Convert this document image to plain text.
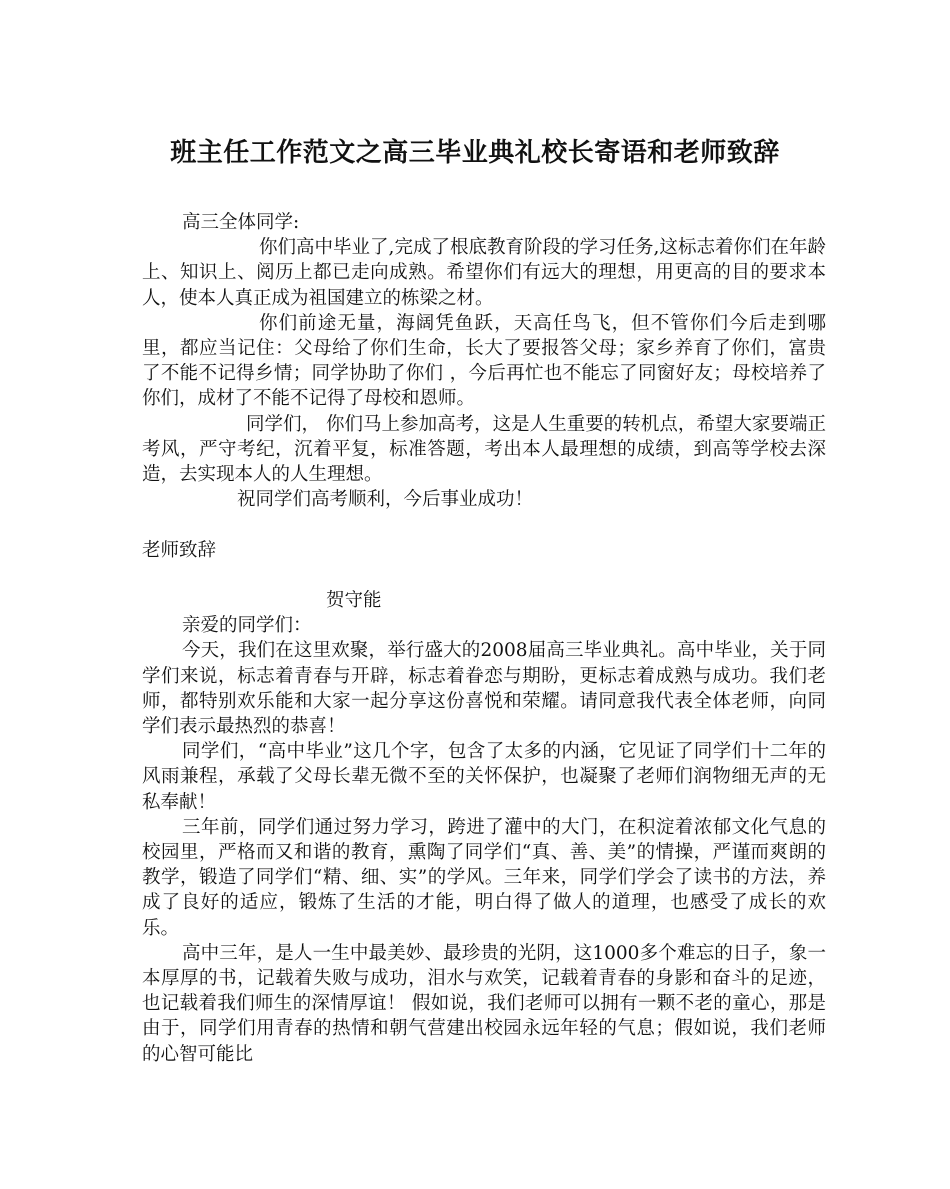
班主任工作范文之高三毕业典礼校长寄语和老师致辞

高三全体同学:

你们高中毕业了,完成了根底教育阶段的学习任务,这标志着你们在年龄上、知识上、阅历上都已走向成熟。希望你们有远大的理想，用更高的目的要求本人，使本人真正成为祖国建立的栋梁之材。

你们前途无量，海阔凭鱼跃，天高任鸟飞，但不管你们今后走到哪里，都应当记住：父母给了你们生命，长大了要报答父母；家乡养育了你们，富贵了不能不记得乡情；同学协助了你们 ，今后再忙也不能忘了同窗好友；母校培养了你们，成材了不能不记得了母校和恩师。

同学们， 你们马上参加高考，这是人生重要的转机点，希望大家要端正考风，严守考纪，沉着平复，标准答题，考出本人最理想的成绩，到高等学校去深造，去实现本人的人生理想。

祝同学们高考顺利，今后事业成功！

老师致辞

贺守能

亲爱的同学们：

今天，我们在这里欢聚，举行盛大的2008届高三毕业典礼。高中毕业，关于同学们来说，标志着青春与开辟，标志着眷恋与期盼，更标志着成熟与成功。我们老师，都特别欢乐能和大家一起分享这份喜悦和荣耀。请同意我代表全体老师，向同学们表示最热烈的恭喜！

同学们，“高中毕业”这几个字，包含了太多的内涵，它见证了同学们十二年的风雨兼程，承载了父母长辈无微不至的关怀保护，也凝聚了老师们润物细无声的无私奉献！

三年前，同学们通过努力学习，跨进了灌中的大门，在积淀着浓郁文化气息的校园里，严格而又和谐的教育，熏陶了同学们“真、善、美”的情操，严谨而爽朗的教学，锻造了同学们“精、细、实”的学风。三年来，同学们学会了读书的方法，养成了良好的适应，锻炼了生活的才能，明白得了做人的道理，也感受了成长的欢乐。

高中三年，是人一生中最美妙、最珍贵的光阴，这1000多个难忘的日子，象一本厚厚的书，记载着失败与成功，泪水与欢笑，记载着青春的身影和奋斗的足迹，也记载着我们师生的深情厚谊！ 假如说，我们老师可以拥有一颗不老的童心，那是由于，同学们用青春的热情和朝气营建出校园永远年轻的气息；假如说，我们老师的心智可能比
